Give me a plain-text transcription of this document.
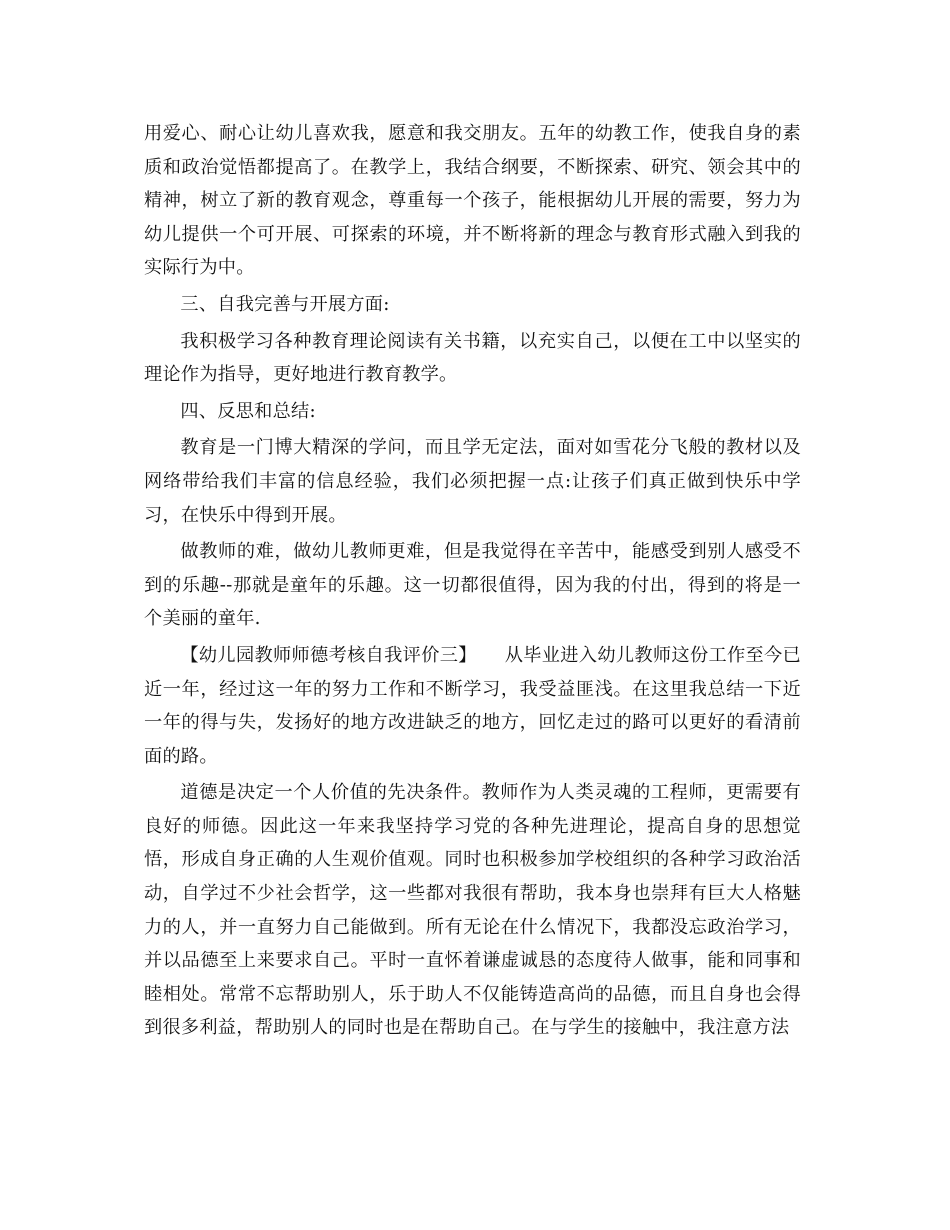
用爱心、耐心让幼儿喜欢我，愿意和我交朋友。五年的幼教工作，使我自身的素质和政治觉悟都提高了。在教学上，我结合纲要，不断探索、研究、领会其中的精神，树立了新的教育观念，尊重每一个孩子，能根据幼儿开展的需要，努力为幼儿提供一个可开展、可探索的环境，并不断将新的理念与教育形式融入到我的实际行为中。

三、自我完善与开展方面:

我积极学习各种教育理论阅读有关书籍，以充实自己，以便在工中以坚实的理论作为指导，更好地进行教育教学。

四、反思和总结:

教育是一门博大精深的学问，而且学无定法，面对如雪花分飞般的教材以及网络带给我们丰富的信息经验，我们必须把握一点:让孩子们真正做到快乐中学习，在快乐中得到开展。

做教师的难，做幼儿教师更难，但是我觉得在辛苦中，能感受到别人感受不到的乐趣--那就是童年的乐趣。这一切都很值得，因为我的付出，得到的将是一个美丽的童年.

【幼儿园教师师德考核自我评价三】　　从毕业进入幼儿教师这份工作至今已近一年，经过这一年的努力工作和不断学习，我受益匪浅。在这里我总结一下近一年的得与失，发扬好的地方改进缺乏的地方，回忆走过的路可以更好的看清前面的路。

道德是决定一个人价值的先决条件。教师作为人类灵魂的工程师，更需要有良好的师德。因此这一年来我坚持学习党的各种先进理论，提高自身的思想觉悟，形成自身正确的人生观价值观。同时也积极参加学校组织的各种学习政治活动，自学过不少社会哲学，这一些都对我很有帮助，我本身也崇拜有巨大人格魅力的人，并一直努力自己能做到。所有无论在什么情况下，我都没忘政治学习，并以品德至上来要求自己。平时一直怀着谦虚诚恳的态度待人做事，能和同事和睦相处。常常不忘帮助别人，乐于助人不仅能铸造高尚的品德，而且自身也会得到很多利益，帮助别人的同时也是在帮助自己。在与学生的接触中，我注意方法
